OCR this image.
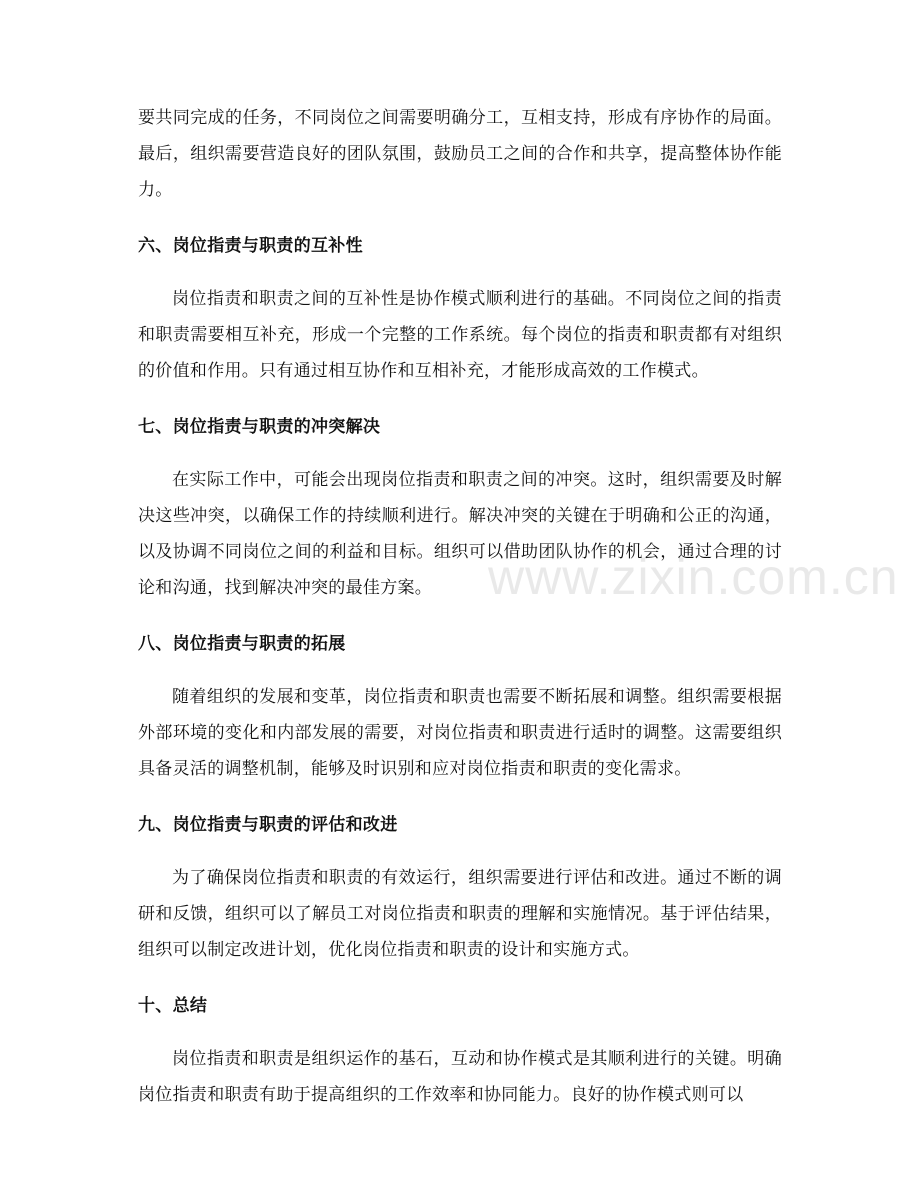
要共同完成的任务，不同岗位之间需要明确分工，互相支持，形成有序协作的局面。最后，组织需要营造良好的团队氛围，鼓励员工之间的合作和共享，提高整体协作能力。

六、岗位指责与职责的互补性

岗位指责和职责之间的互补性是协作模式顺利进行的基础。不同岗位之间的指责和职责需要相互补充，形成一个完整的工作系统。每个岗位的指责和职责都有对组织的价值和作用。只有通过相互协作和互相补充，才能形成高效的工作模式。

七、岗位指责与职责的冲突解决

在实际工作中，可能会出现岗位指责和职责之间的冲突。这时，组织需要及时解决这些冲突，以确保工作的持续顺利进行。解决冲突的关键在于明确和公正的沟通，以及协调不同岗位之间的利益和目标。组织可以借助团队协作的机会，通过合理的讨论和沟通，找到解决冲突的最佳方案。

八、岗位指责与职责的拓展

随着组织的发展和变革，岗位指责和职责也需要不断拓展和调整。组织需要根据外部环境的变化和内部发展的需要，对岗位指责和职责进行适时的调整。这需要组织具备灵活的调整机制，能够及时识别和应对岗位指责和职责的变化需求。

九、岗位指责与职责的评估和改进

为了确保岗位指责和职责的有效运行，组织需要进行评估和改进。通过不断的调研和反馈，组织可以了解员工对岗位指责和职责的理解和实施情况。基于评估结果，组织可以制定改进计划，优化岗位指责和职责的设计和实施方式。

十、总结

岗位指责和职责是组织运作的基石，互动和协作模式是其顺利进行的关键。明确岗位指责和职责有助于提高组织的工作效率和协同能力。良好的协作模式则可以

www.zixin.com.cn
